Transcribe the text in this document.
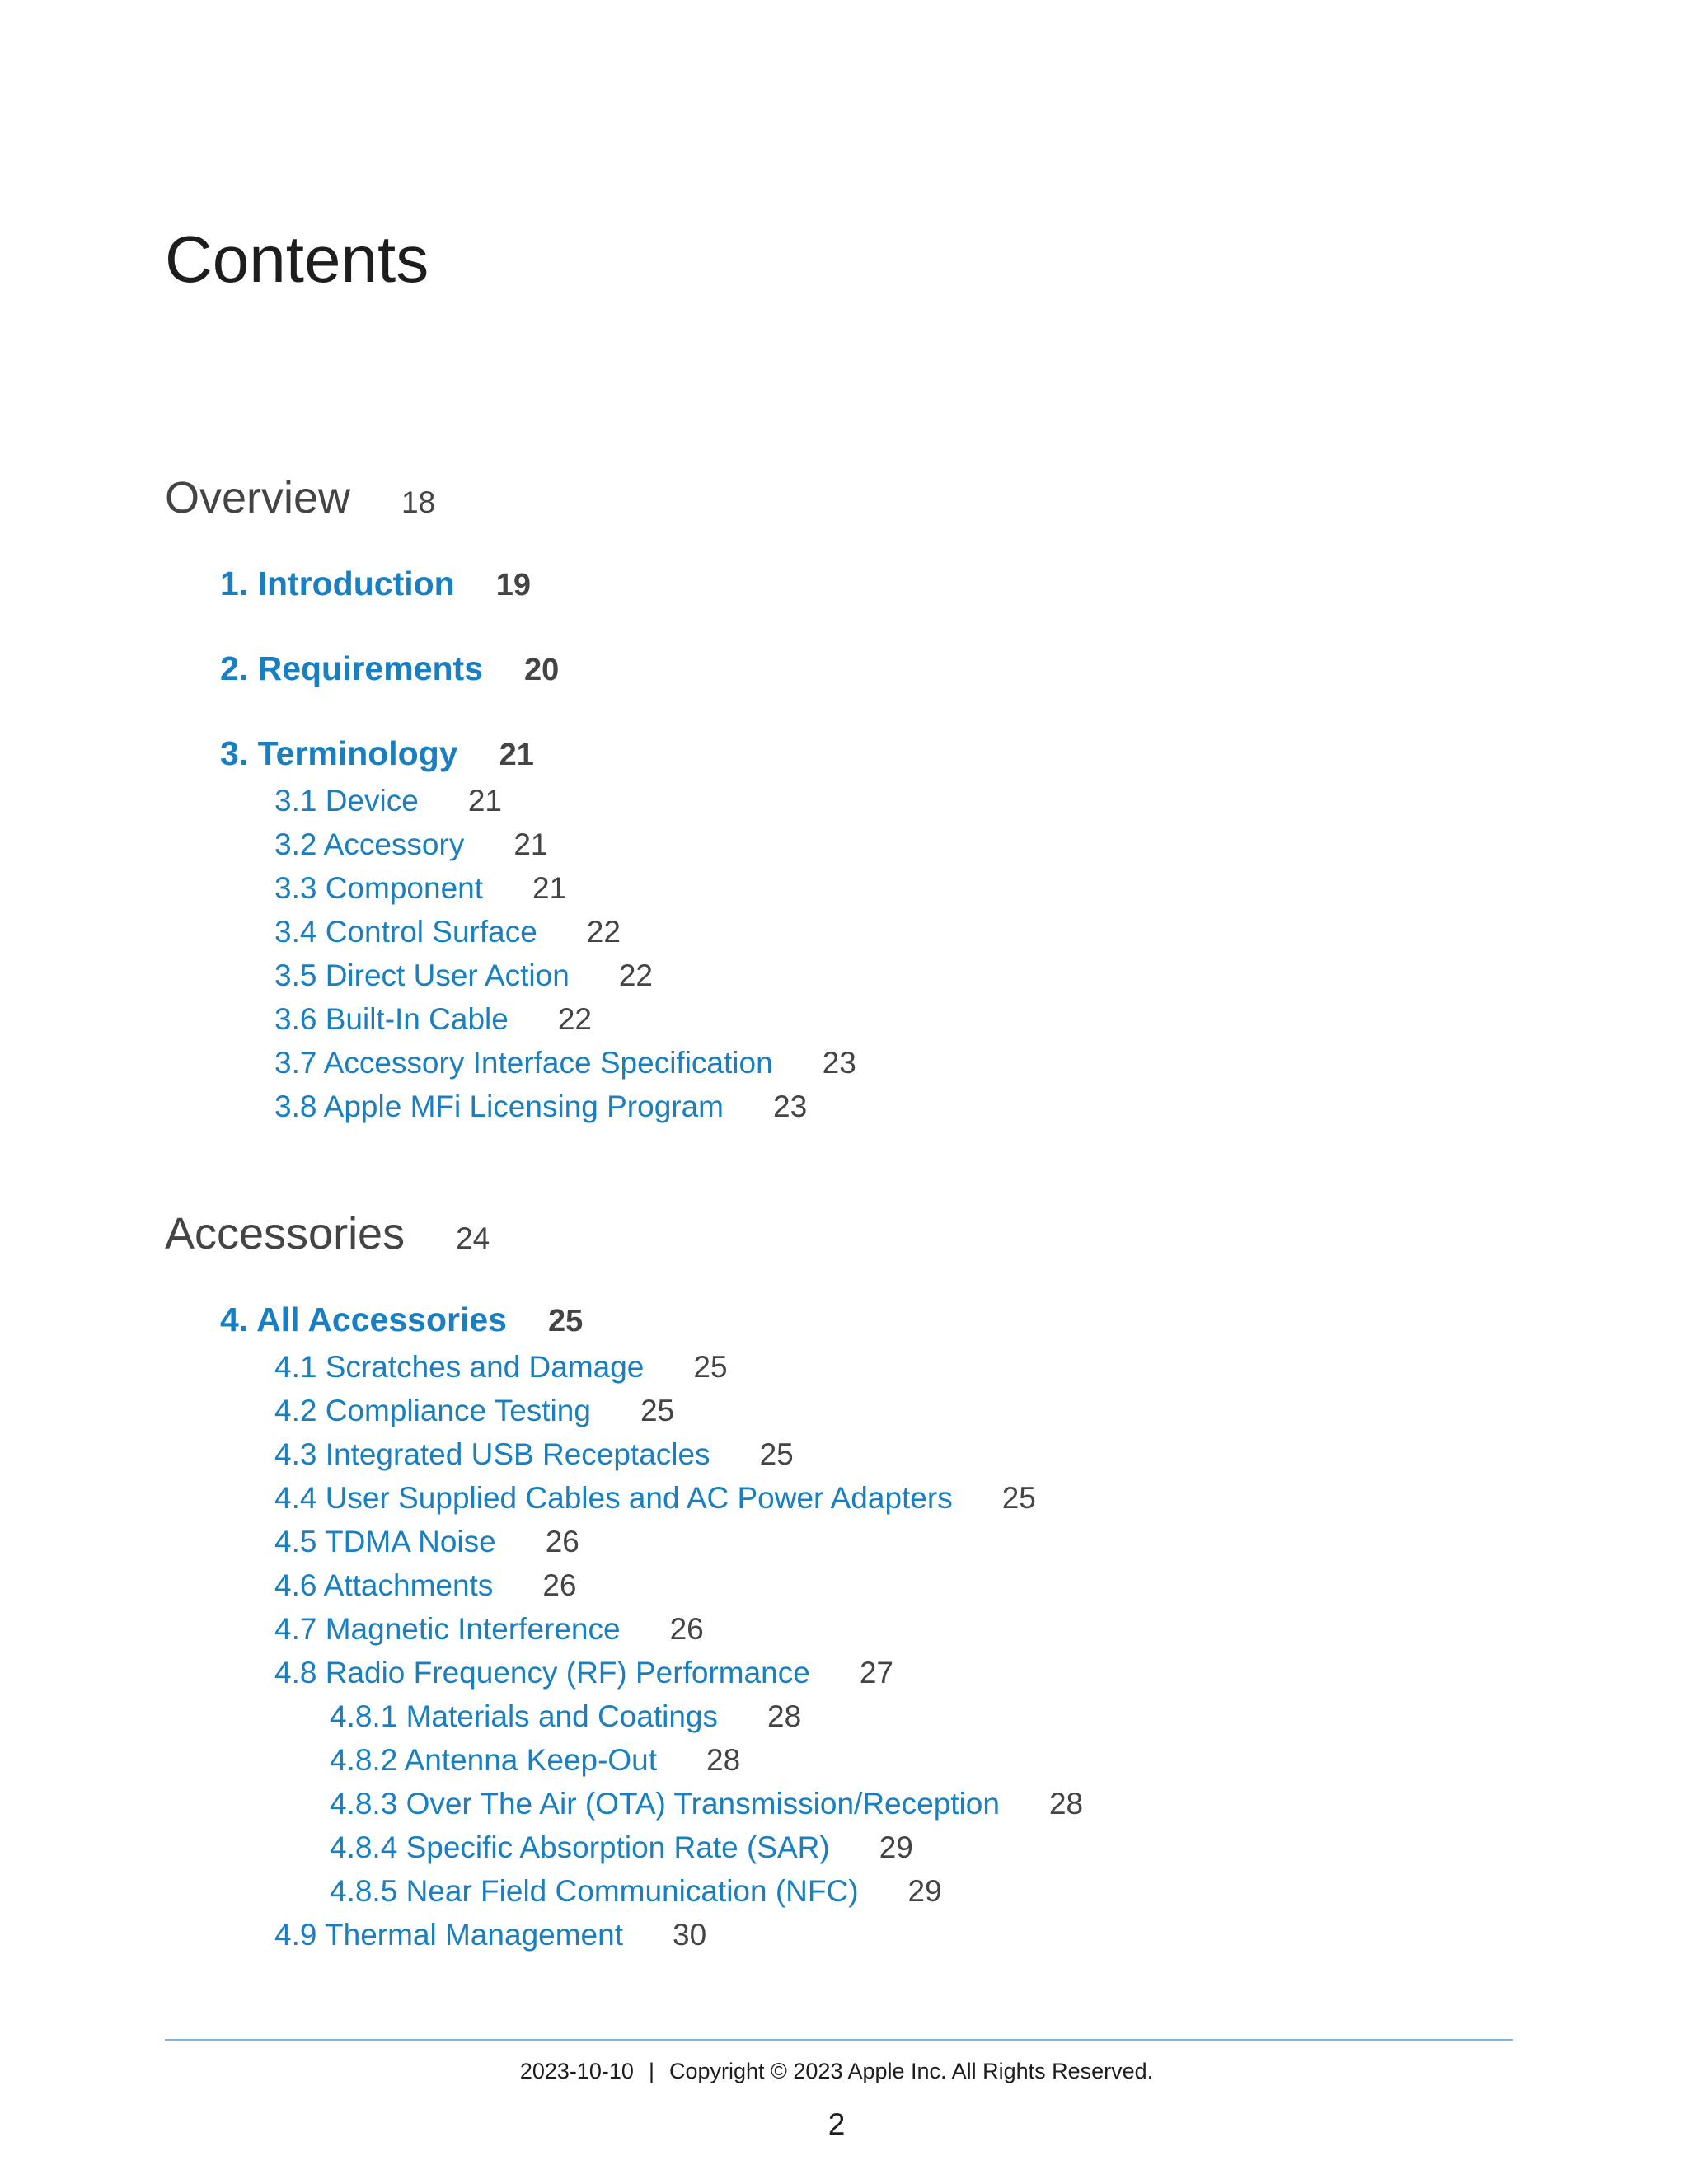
Contents
Overview 18
1. Introduction 19
2. Requirements 20
3. Terminology 21
3.1 Device 21
3.2 Accessory 21
3.3 Component 21
3.4 Control Surface 22
3.5 Direct User Action 22
3.6 Built-In Cable 22
3.7 Accessory Interface Specification 23
3.8 Apple MFi Licensing Program 23
Accessories 24
4. All Accessories 25
4.1 Scratches and Damage 25
4.2 Compliance Testing 25
4.3 Integrated USB Receptacles 25
4.4 User Supplied Cables and AC Power Adapters 25
4.5 TDMA Noise 26
4.6 Attachments 26
4.7 Magnetic Interference 26
4.8 Radio Frequency (RF) Performance 27
4.8.1 Materials and Coatings 28
4.8.2 Antenna Keep-Out 28
4.8.3 Over The Air (OTA) Transmission/Reception 28
4.8.4 Specific Absorption Rate (SAR) 29
4.8.5 Near Field Communication (NFC) 29
4.9 Thermal Management 30
2023-10-10 | Copyright © 2023 Apple Inc. All Rights Reserved.
2
